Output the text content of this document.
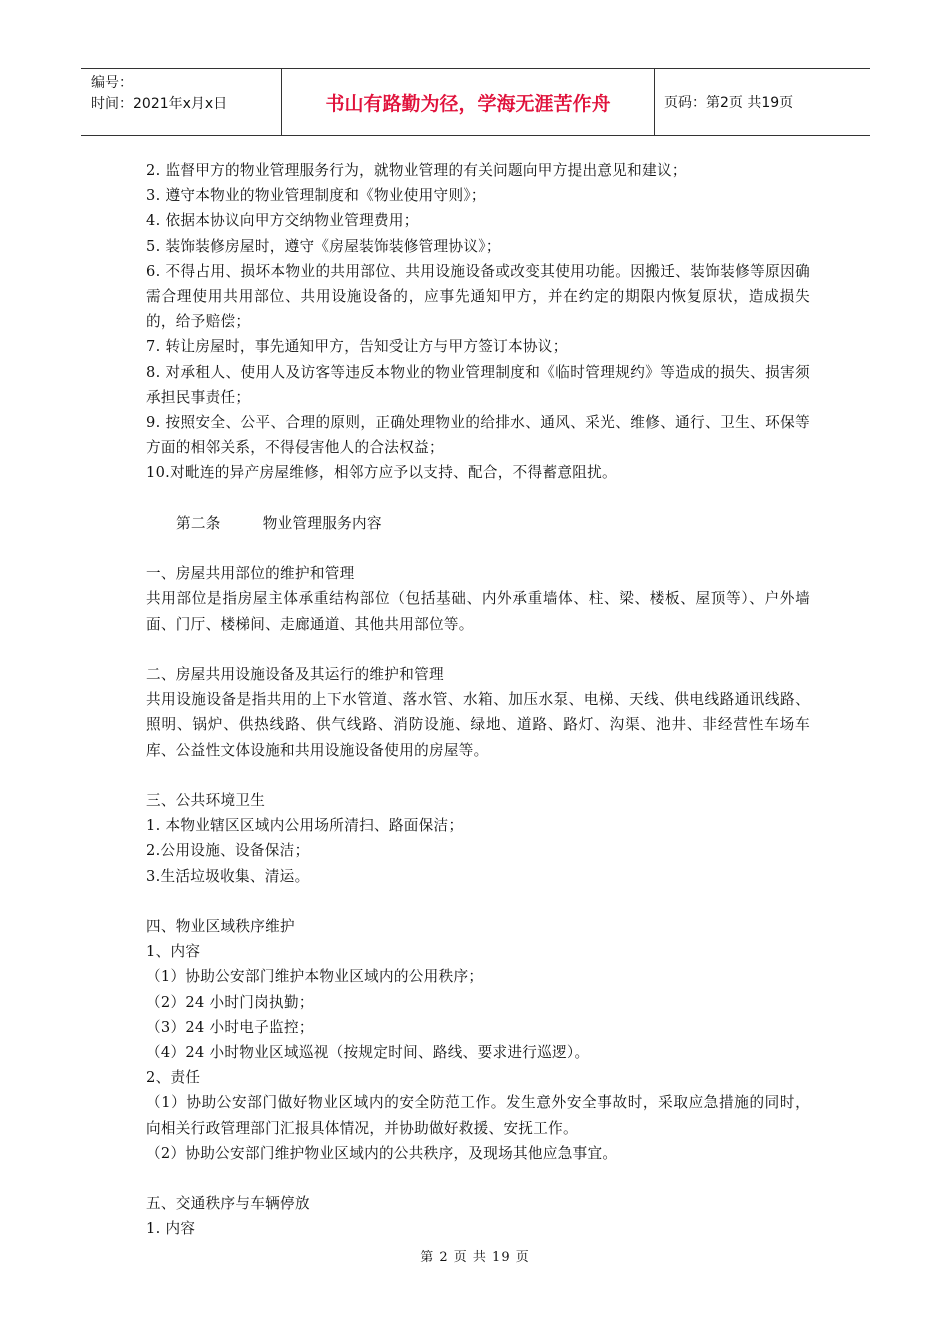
编号：
时间：2021年x月x日	书山有路勤为径，学海无涯苦作舟	页码：第2页 共19页

2. 监督甲方的物业管理服务行为，就物业管理的有关问题向甲方提出意见和建议；

3. 遵守本物业的物业管理制度和《物业使用守则》；

4. 依据本协议向甲方交纳物业管理费用；

5. 装饰装修房屋时，遵守《房屋装饰装修管理协议》；

6. 不得占用、损坏本物业的共用部位、共用设施设备或改变其使用功能。因搬迁、装饰装修等原因确需合理使用共用部位、共用设施设备的，应事先通知甲方，并在约定的期限内恢复原状，造成损失的，给予赔偿；

7. 转让房屋时，事先通知甲方，告知受让方与甲方签订本协议；

8. 对承租人、使用人及访客等违反本物业的物业管理制度和《临时管理规约》等造成的损失、损害须承担民事责任；

9. 按照安全、公平、合理的原则，正确处理物业的给排水、通风、采光、维修、通行、卫生、环保等方面的相邻关系，不得侵害他人的合法权益；

10.对毗连的异产房屋维修，相邻方应予以支持、配合，不得蓄意阻扰。

第二条	物业管理服务内容

一、房屋共用部位的维护和管理

共用部位是指房屋主体承重结构部位（包括基础、内外承重墙体、柱、梁、楼板、屋顶等）、户外墙面、门厅、楼梯间、走廊通道、其他共用部位等。

二、房屋共用设施设备及其运行的维护和管理

共用设施设备是指共用的上下水管道、落水管、水箱、加压水泵、电梯、天线、供电线路通讯线路、照明、锅炉、供热线路、供气线路、消防设施、绿地、道路、路灯、沟渠、池井、非经营性车场车库、公益性文体设施和共用设施设备使用的房屋等。

三、公共环境卫生

1. 本物业辖区区域内公用场所清扫、路面保洁；

2.公用设施、设备保洁；

3.生活垃圾收集、清运。

四、物业区域秩序维护

1、内容

（1）协助公安部门维护本物业区域内的公用秩序；

（2）24 小时门岗执勤；

（3）24 小时电子监控；

（4）24 小时物业区域巡视（按规定时间、路线、要求进行巡逻）。

2、责任

（1）协助公安部门做好物业区域内的安全防范工作。发生意外安全事故时，采取应急措施的同时，向相关行政管理部门汇报具体情况，并协助做好救援、安抚工作。

（2）协助公安部门维护物业区域内的公共秩序，及现场其他应急事宜。

五、交通秩序与车辆停放

1. 内容

第 2 页 共 19 页
